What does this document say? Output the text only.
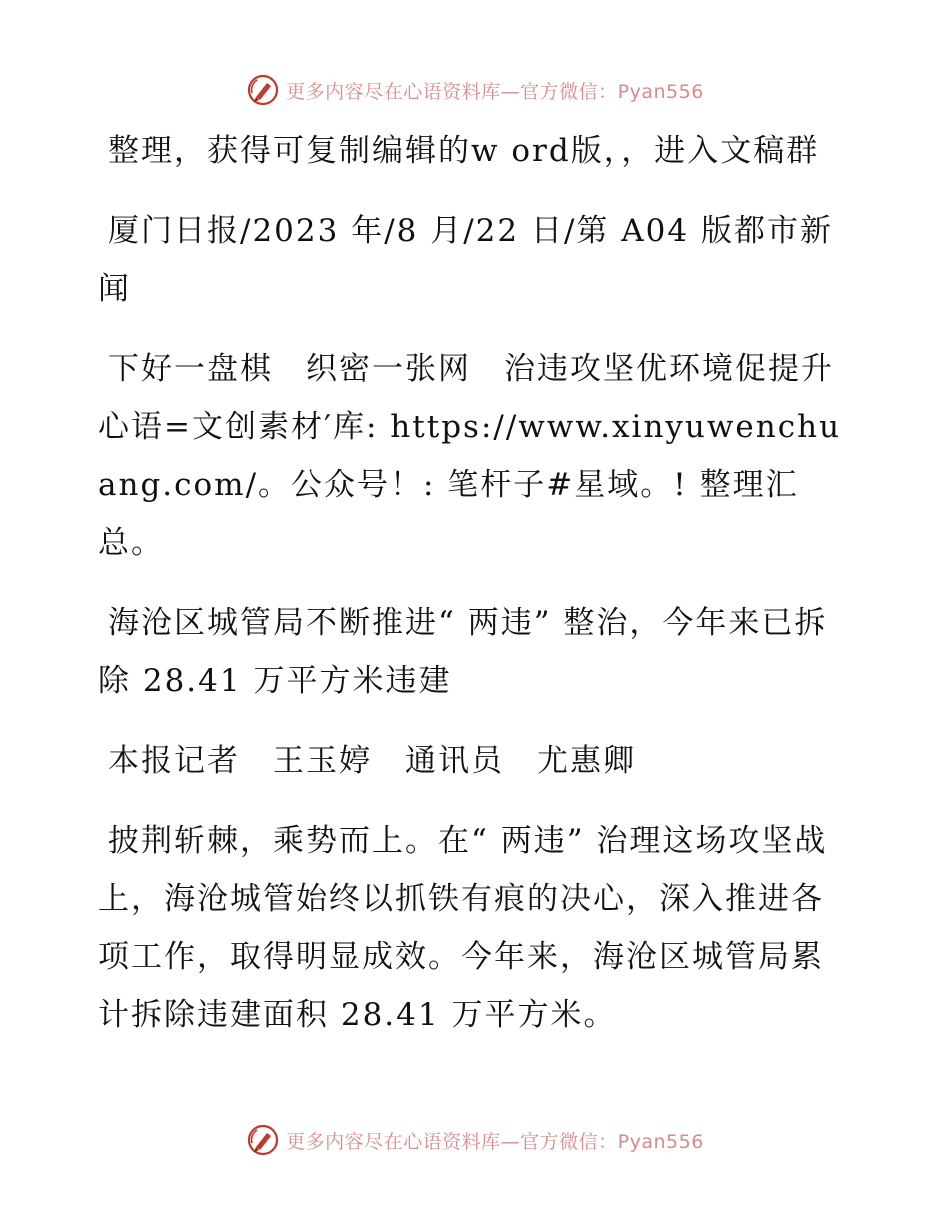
更多内容尽在心语资料库—官方微信：Pyan556

整理，获得可复制编辑的w ord版，，进入文稿群

厦门日报/2023 年/8 月/22 日/第 A04 版都市新闻

下好一盘棋　织密一张网　治违攻坚优环境促提升心语=文创素材′库: https://www.xinyuwenchuang.com/。公众号！: 笔杆子#星域。! 整理汇总。

海沧区城管局不断推进“ 两违” 整治，今年来已拆除 28.41 万平方米违建

本报记者　王玉婷　通讯员　尤惠卿

披荆斩棘，乘势而上。在“ 两违” 治理这场攻坚战上，海沧城管始终以抓铁有痕的决心，深入推进各项工作，取得明显成效。今年来，海沧区城管局累计拆除违建面积 28.41 万平方米。

更多内容尽在心语资料库—官方微信：Pyan556
